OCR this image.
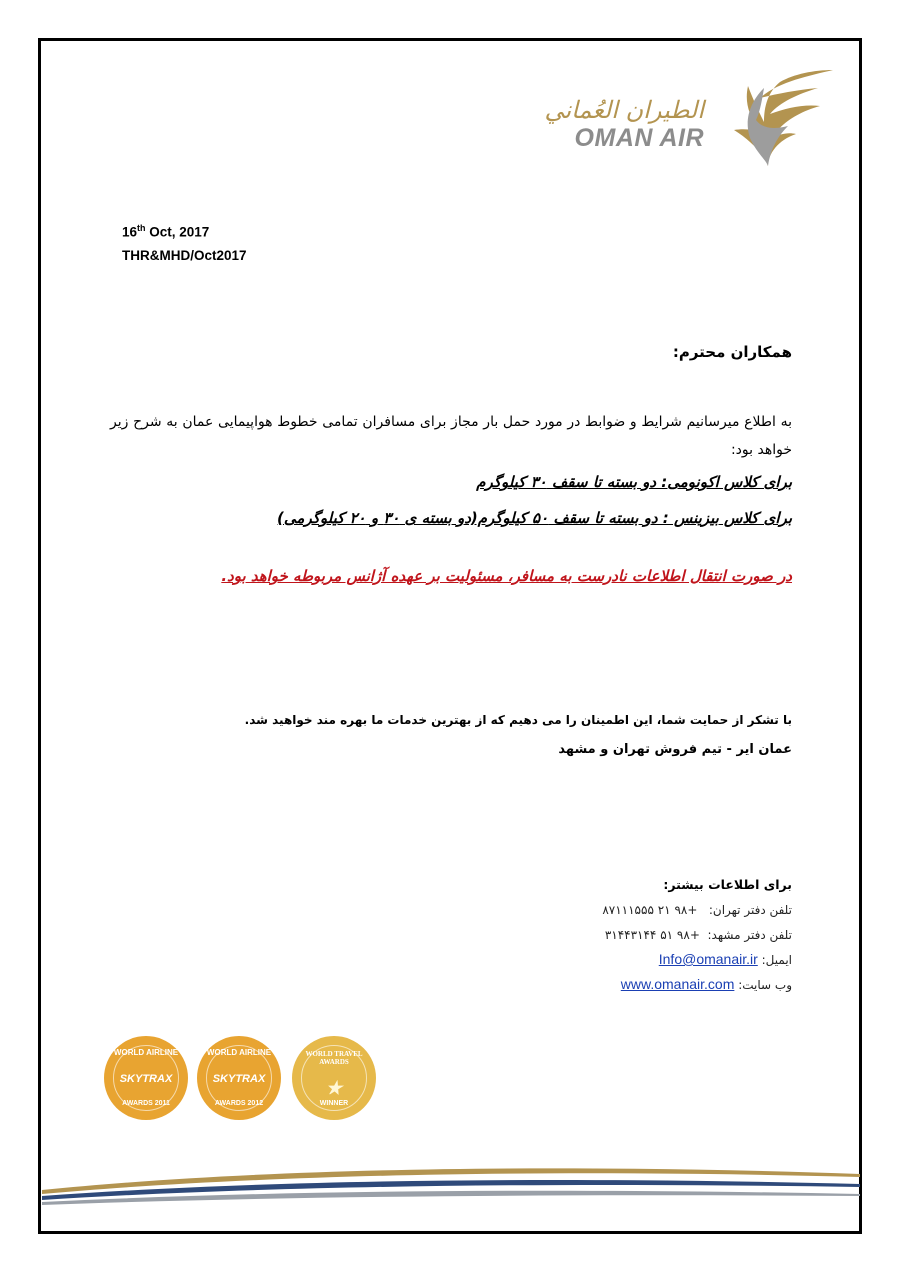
الطيران العُماني
OMAN AIR
16th Oct, 2017
THR&MHD/Oct2017
همکاران محترم:
به اطلاع میرسانیم شرایط و ضوابط در مورد حمل بار مجاز برای مسافران تمامی خطوط هواپیمایی عمان به شرح زیر خواهد بود:
برای کلاس اکونومی: دو بسته تا سقف ۳۰ کیلوگرم
برای کلاس بیزینس : دو بسته تا سقف ۵۰ کیلوگرم(دو بسته ی ۳۰ و ۲۰ کیلوگرمی)
در صورت انتقال اطلاعات نادرست به مسافر، مسئولیت بر عهده آژانس مربوطه خواهد بود.
با تشکر از حمایت شما، این اطمینان را می دهیم که از بهترین خدمات ما بهره مند خواهید شد.
عمان ایر - تیم فروش تهران و مشهد
برای اطلاعات بیشتر:
تلفن دفتر تهران:   +۹۸ ۲۱ ۸۷۱۱۱۵۵۵
تلفن دفتر مشهد:  +۹۸ ۵۱ ۳۱۴۴۳۱۴۴
ایمیل: Info@omanair.ir
وب سایت: www.omanair.com
WORLD AIRLINE
SKYTRAX
AWARDS 2011
WORLD AIRLINE
SKYTRAX
AWARDS 2012
WORLD TRAVEL AWARDS
★
WINNER
